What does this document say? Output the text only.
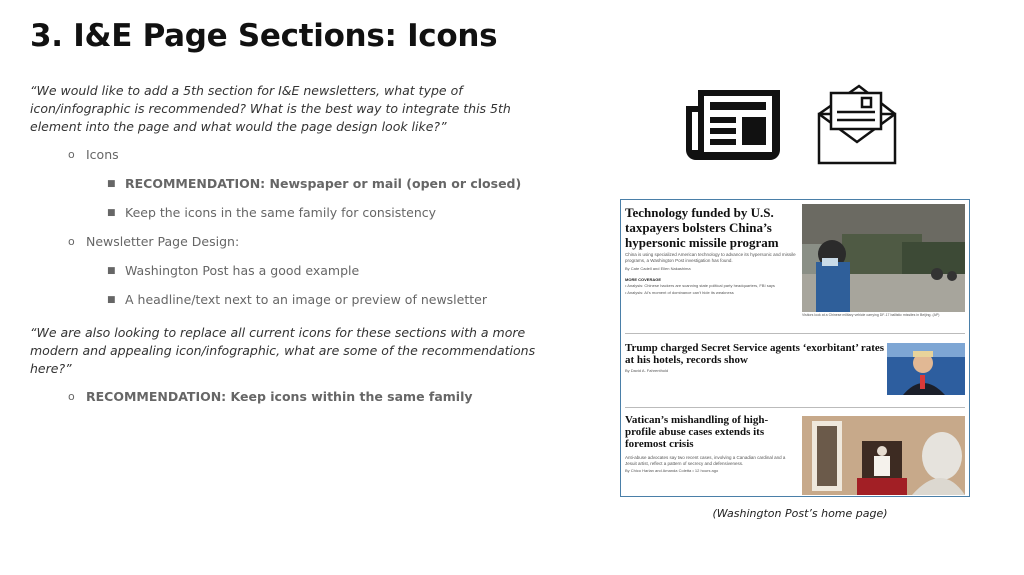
3. I&E Page Sections: Icons

“We would like to add a 5th section for I&E newsletters, what type of icon/infographic is recommended? What is the best way to integrate this 5th element into the page and what would the page design look like?”

o Icons
■ RECOMMENDATION: Newspaper or mail (open or closed)
■ Keep the icons in the same family for consistency
o Newsletter Page Design:
■ Washington Post has a good example
■ A headline/text next to an image or preview of newsletter

“We are also looking to replace all current icons for these sections with a more modern and appealing icon/infographic, what are some of the recommendations here?”

o RECOMMENDATION: Keep icons within the same family
Technology funded by U.S. taxpayers bolsters China’s hypersonic missile program
China is using specialized American technology to advance its hypersonic and missile programs, a Washington Post investigation has found.
By Cate Cadell and Ellen Nakashima
MORE COVERAGE
• Analysis: Chinese hackers are scanning state political party headquarters, FBI says
• Analysis: AI’s moment of dominance can’t hide its weakness
Visitors look at a Chinese military vehicle carrying DF-17 ballistic missiles in Beijing. (AP)
Trump charged Secret Service agents ‘exorbitant’ rates at his hotels, records show
By David A. Fahrenthold
Vatican’s mishandling of high-profile abuse cases extends its foremost crisis
Anti-abuse advocates say two recent cases, involving a Canadian cardinal and a Jesuit artist, reflect a pattern of secrecy and defensiveness.
By Chico Harlan and Amanda Coletta • 12 hours ago
(Washington Post’s home page)
